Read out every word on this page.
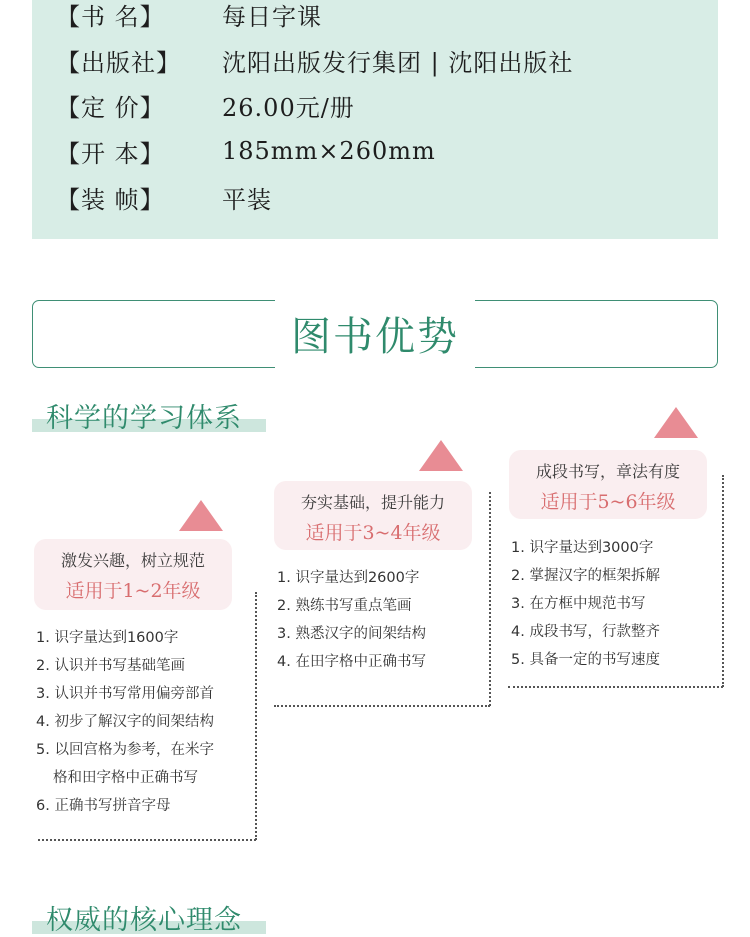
【书 名】	每日字课
【出版社】	沈阳出版发行集团 | 沈阳出版社
【定 价】	26.00元/册
【开 本】	185mm×260mm
【装 帧】	平装
图书优势
科学的学习体系
激发兴趣，树立规范
适用于1~2年级
1. 识字量达到1600字
2. 认识并书写基础笔画
3. 认识并书写常用偏旁部首
4. 初步了解汉字的间架结构
5. 以回宫格为参考，在米字
格和田字格中正确书写
6. 正确书写拼音字母
夯实基础，提升能力
适用于3~4年级
1. 识字量达到2600字
2. 熟练书写重点笔画
3. 熟悉汉字的间架结构
4. 在田字格中正确书写
成段书写，章法有度
适用于5~6年级
1. 识字量达到3000字
2. 掌握汉字的框架拆解
3. 在方框中规范书写
4. 成段书写，行款整齐
5. 具备一定的书写速度
权威的核心理念
